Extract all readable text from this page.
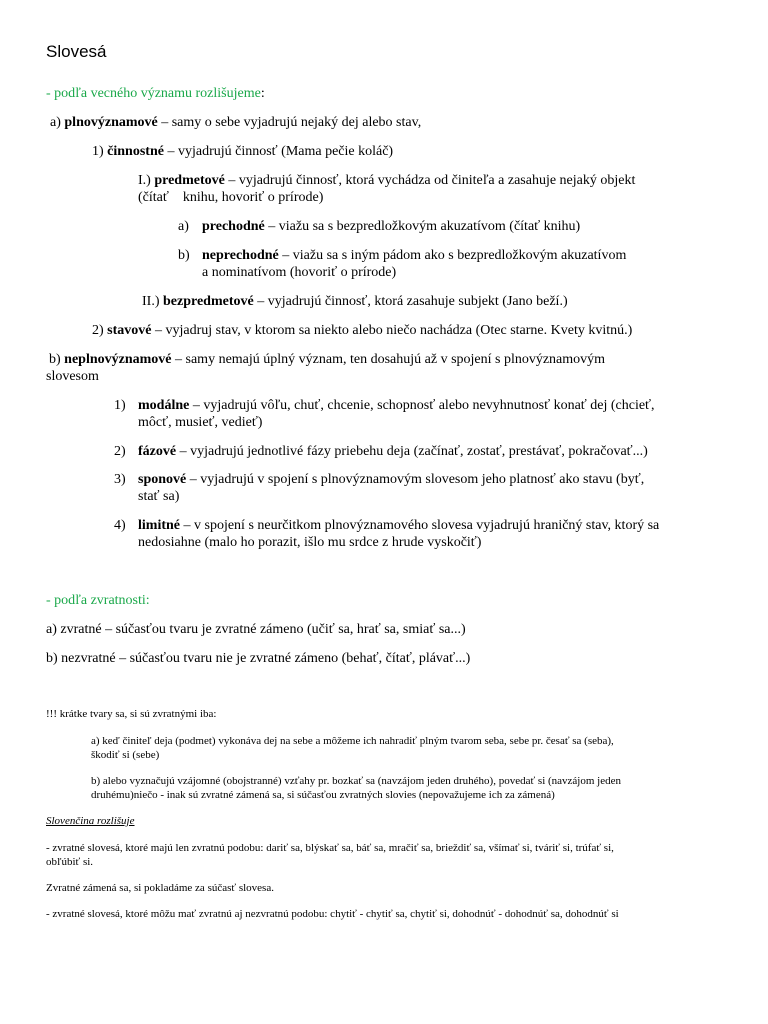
Slovesá
- podľa vecného významu rozlišujeme:
a) plnovýznamové – samy o sebe vyjadrujú nejaký dej alebo stav,
1) činnostné – vyjadrujú činnosť (Mama pečie koláč)
I.) predmetové – vyjadrujú činnosť, ktorá vychádza od činiteľa a zasahuje nejaký objekt
(čítať    knihu, hovoriť o prírode)
a) prechodné – viažu sa s bezpredložkovým akuzatívom (čítať knihu)
b) neprechodné – viažu sa s iným pádom ako s bezpredložkovým akuzatívom
a nominatívom (hovoriť o prírode)
II.) bezpredmetové – vyjadrujú činnosť, ktorá zasahuje subjekt (Jano beží.)
2) stavové – vyjadruj stav, v ktorom sa niekto alebo niečo nachádza (Otec starne. Kvety kvitnú.)
b) neplnovýznamové – samy nemajú úplný význam, ten dosahujú až v spojení s plnovýznamovým
slovesom
1) modálne – vyjadrujú vôľu, chuť, chcenie, schopnosť alebo nevyhnutnosť konať dej (chcieť,
môcť, musieť, vedieť)
2) fázové – vyjadrujú jednotlivé fázy priebehu deja (začínať, zostať, prestávať, pokračovať...)
3) sponové – vyjadrujú v spojení s plnovýznamovým slovesom jeho platnosť ako stavu (byť,
stať sa)
4) limitné – v spojení s neurčitkom plnovýznamového slovesa vyjadrujú hraničný stav, ktorý sa
nedosiahne (malo ho porazit, išlo mu srdce z hrude vyskočiť)
- podľa zvratnosti:
a) zvratné – súčasťou tvaru je zvratné zámeno (učiť sa, hrať sa, smiať sa...)
b) nezvratné – súčasťou tvaru nie je zvratné zámeno (behať, čítať, plávať...)
!!! krátke tvary sa, si sú zvratnými iba:
a) keď činiteľ deja (podmet) vykonáva dej na sebe a môžeme ich nahradiť plným tvarom seba, sebe pr. česať sa (seba),
škodiť si (sebe)
b) alebo vyznačujú vzájomné (obojstranné) vzťahy pr. bozkať sa (navzájom jeden druhého), povedať si (navzájom jeden
druhému)niečo - inak sú zvratné zámená sa, si súčasťou zvratných slovies (nepovažujeme ich za zámená)
Slovenčina rozlišuje
- zvratné slovesá, ktoré majú len zvratnú podobu: dariť sa, blýskať sa, báť sa, mračiť sa, brieždiť sa, všímať si, tváriť si, trúfať si,
obľúbiť si.
Zvratné zámená sa, si pokladáme za súčasť slovesa.
- zvratné slovesá, ktoré môžu mať zvratnú aj nezvratnú podobu: chytiť - chytiť sa, chytiť si, dohodnúť - dohodnúť sa, dohodnúť si
